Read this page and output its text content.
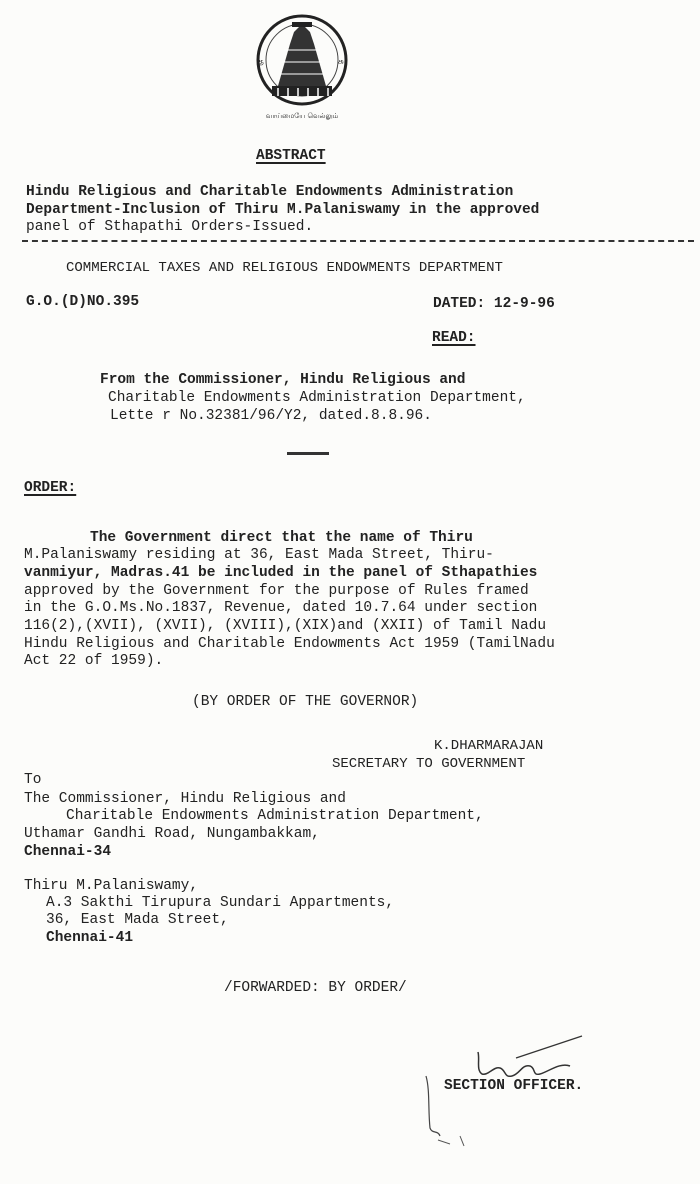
த	சு
வாய்மையே வெல்லும்
ABSTRACT
Hindu Religious and Charitable Endowments Administration
Department-Inclusion of Thiru M.Palaniswamy in the approved
panel of Sthapathi Orders-Issued.
COMMERCIAL TAXES AND RELIGIOUS ENDOWMENTS DEPARTMENT
G.O.(D)NO.395	DATED: 12-9-96
READ:
From the Commissioner, Hindu Religious and
Charitable Endowments Administration Department,
Lette r No.32381/96/Y2, dated.8.8.96.
ORDER:
The Government direct that the name of Thiru
M.Palaniswamy residing at 36, East Mada Street, Thiru-
vanmiyur, Madras.41 be included in the panel of Sthapathies
approved by the Government for the purpose of Rules framed
in the G.O.Ms.No.1837, Revenue, dated 10.7.64 under section
116(2),(XVII), (XVII), (XVIII),(XIX)and (XXII) of Tamil Nadu
Hindu Religious and Charitable Endowments Act 1959 (TamilNadu
Act 22 of 1959).
(BY ORDER OF THE GOVERNOR)
K.DHARMARAJAN
SECRETARY TO GOVERNMENT
To
The Commissioner, Hindu Religious and
Charitable Endowments Administration Department,
Uthamar Gandhi Road, Nungambakkam,
Chennai-34
Thiru M.Palaniswamy,
A.3 Sakthi Tirupura Sundari Appartments,
36, East Mada Street,
Chennai-41
/FORWARDED: BY ORDER/
SECTION OFFICER.
